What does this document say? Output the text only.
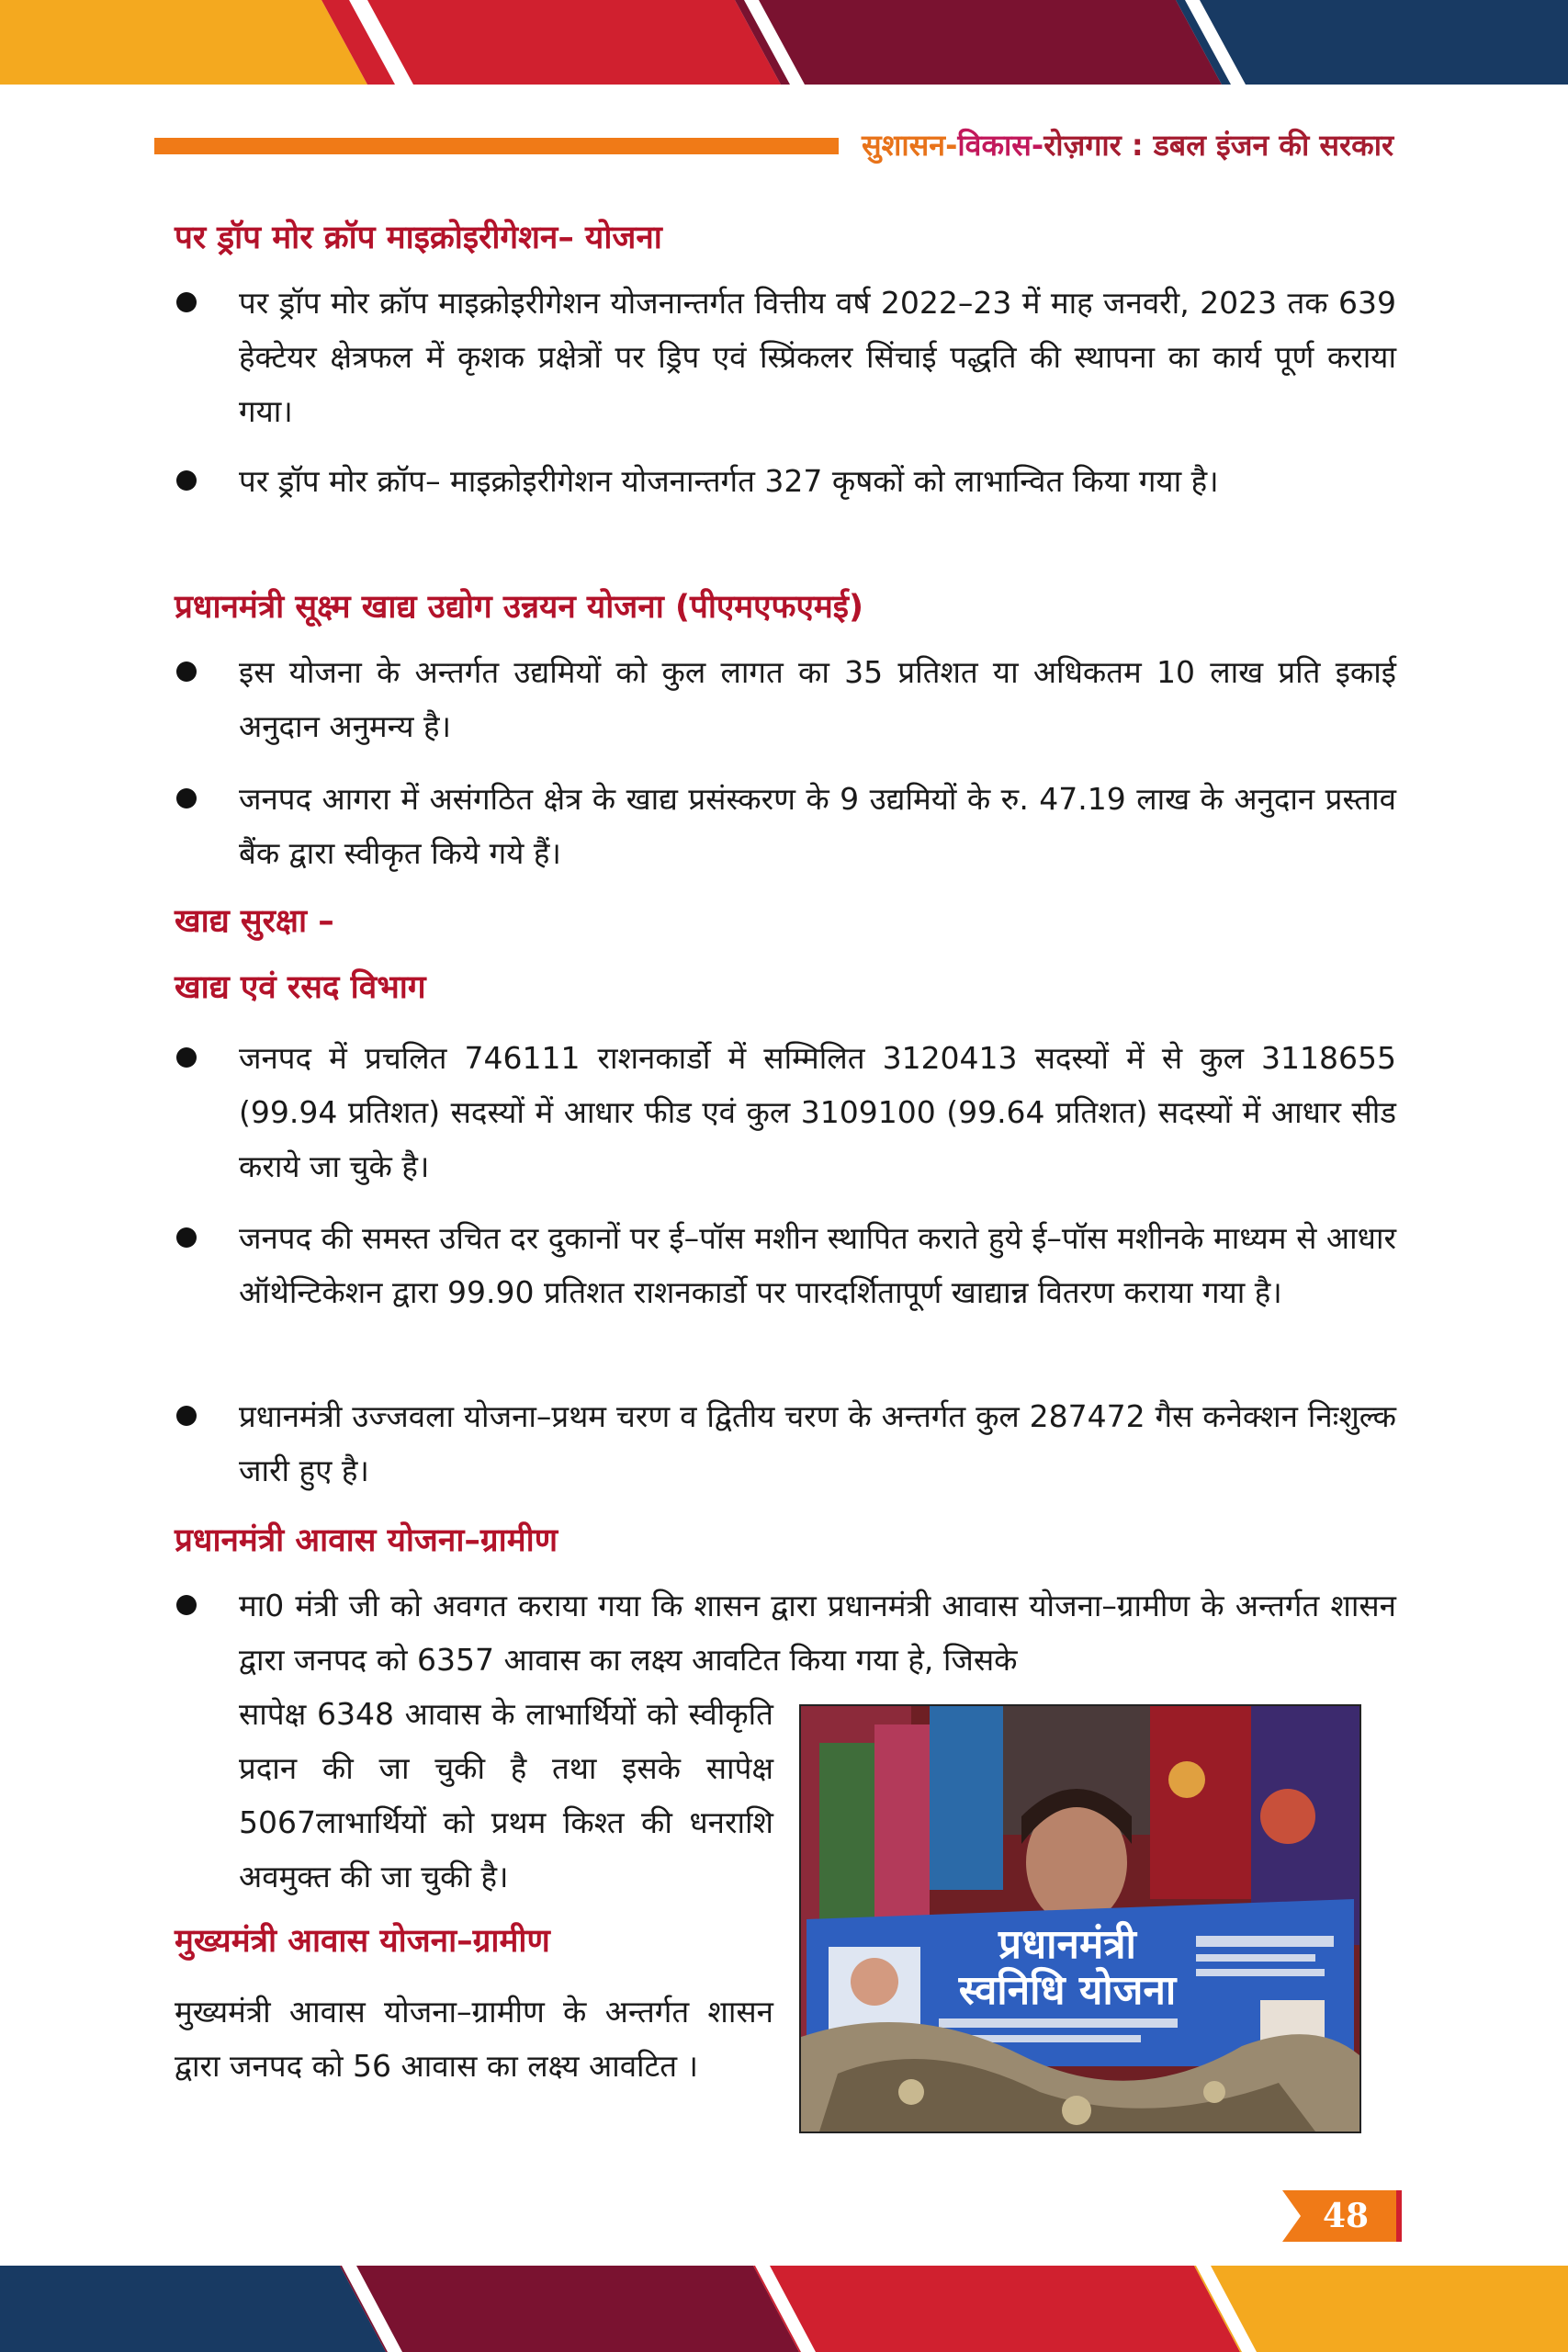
सुशासन-विकास-रोज़गार : डबल इंजन की सरकार
पर ड्रॉप मोर क्रॉप माइक्रोइरीगेशन– योजना
पर ड्रॉप मोर क्रॉप माइक्रोइरीगेशन योजनान्तर्गत वित्तीय वर्ष 2022–23 में माह जनवरी, 2023 तक 639 हेक्टेयर क्षेत्रफल में कृशक प्रक्षेत्रों पर ड्रिप एवं स्प्रिंकलर सिंचाई पद्धति की स्थापना का कार्य पूर्ण कराया गया।
पर ड्रॉप मोर क्रॉप– माइक्रोइरीगेशन योजनान्तर्गत 327 कृषकों को लाभान्वित किया गया है।
प्रधानमंत्री सूक्ष्म खाद्य उद्योग उन्नयन योजना (पीएमएफएमई)
इस योजना के अन्तर्गत उद्यमियों को कुल लागत का 35 प्रतिशत या अधिकतम 10 लाख प्रति इकाई अनुदान अनुमन्य है।
जनपद आगरा में असंगठित क्षेत्र के खाद्य प्रसंस्करण के 9 उद्यमियों के रु. 47.19 लाख के अनुदान प्रस्ताव बैंक द्वारा स्वीकृत किये गये हैं।
खाद्य सुरक्षा –
खाद्य एवं रसद विभाग
जनपद में प्रचलित 746111 राशनकार्डो में सम्मिलित 3120413 सदस्यों में से कुल 3118655 (99.94 प्रतिशत) सदस्यों में आधार फीड एवं कुल 3109100 (99.64 प्रतिशत) सदस्यों में आधार सीड कराये जा चुके है।
जनपद की समस्त उचित दर दुकानों पर ई–पॉस मशीन स्थापित कराते हुये ई–पॉस मशीनके माध्यम से आधार ऑथेन्टिकेशन द्वारा 99.90 प्रतिशत राशनकार्डो पर पारदर्शितापूर्ण खाद्यान्न वितरण कराया गया है।
प्रधानमंत्री उज्जवला योजना–प्रथम चरण व द्वितीय चरण के अन्तर्गत कुल 287472 गैस कनेक्शन निःशुल्क जारी हुए है।
प्रधानमंत्री आवास योजना–ग्रामीण
मा0 मंत्री जी को अवगत कराया गया कि शासन द्वारा प्रधानमंत्री आवास योजना–ग्रामीण के अन्तर्गत शासन द्वारा जनपद को 6357 आवास का लक्ष्य आवटित किया गया हे, जिसके
सापेक्ष 6348 आवास के लाभार्थियों को स्वीकृति प्रदान की जा चुकी है तथा इसके सापेक्ष 5067लाभार्थियों को प्रथम किश्त की धनराशि अवमुक्त की जा चुकी है।
मुख्यमंत्री आवास योजना–ग्रामीण
मुख्यमंत्री आवास योजना–ग्रामीण के अन्तर्गत शासन द्वारा जनपद को 56 आवास का लक्ष्य आवटित ।
प्रधानमंत्री
स्वनिधि योजना
48
